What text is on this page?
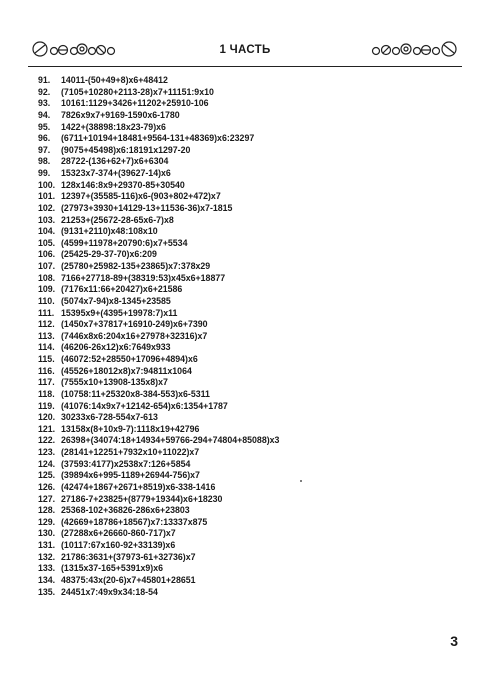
1 ЧАСТЬ
91. 14011-(50+49+8)x6+48412
92. (7105+10280+2113-28)x7+11151:9x10
93. 10161:1129+3426+11202+25910-106
94. 7826x9x7+9169-1590x6-1780
95. 1422+(38898:18x23-79)x6
96. (6711+10194+18481+9564-131+48369)x6:23297
97. (9075+45498)x6:18191x1297-20
98. 28722-(136+62+7)x6+6304
99. 15323x7-374+(39627-14)x6
100. 128x146:8x9+29370-85+30540
101. 12397+(35585-116)x6-(903+802+472)x7
102. (27973+3930+14129-13+11536-36)x7-1815
103. 21253+(25672-28-65x6-7)x8
104. (9131+2110)x48:108x10
105. (4599+11978+20790:6)x7+5534
106. (25425-29-37-70)x6:209
107. (25780+25982-135+23865)x7:378x29
108. 7166+27718-89+(38319:53)x45x6+18877
109. (7176x11:66+20427)x6+21586
110. (5074x7-94)x8-1345+23585
111. 15395x9+(4395+19978:7)x11
112. (1450x7+37817+16910-249)x6+7390
113. (7446x8x6:204x16+27978+32316)x7
114. (46206-26x12)x6:7649x933
115. (46072:52+28550+17096+4894)x6
116. (45526+18012x8)x7:94811x1064
117. (7555x10+13908-135x8)x7
118. (10758:11+25320x8-384-553)x6-5311
119. (41076:14x9x7+12142-654)x6:1354+1787
120. 30233x6-728-554x7-613
121. 13158x(8+10x9-7):1118x19+42796
122. 26398+(34074:18+14934+59766-294+74804+85088)x3
123. (28141+12251+7932x10+11022)x7
124. (37593:4177)x2538x7:126+5854
125. (39894x6+995-1189+26944-756)x7
126. (42474+1867+2671+8519)x6-338-1416
127. 27186-7+23825+(8779+19344)x6+18230
128. 25368-102+36826-286x6+23803
129. (42669+18786+18567)x7:13337x875
130. (27288x6+26660-860-717)x7
131. (10117:67x160-92+33139)x6
132. 21786:3631+(37973-61+32736)x7
133. (1315x37-165+5391x9)x6
134. 48375:43x(20-6)x7+45801+28651
135. 24451x7:49x9x34:18-54
3
